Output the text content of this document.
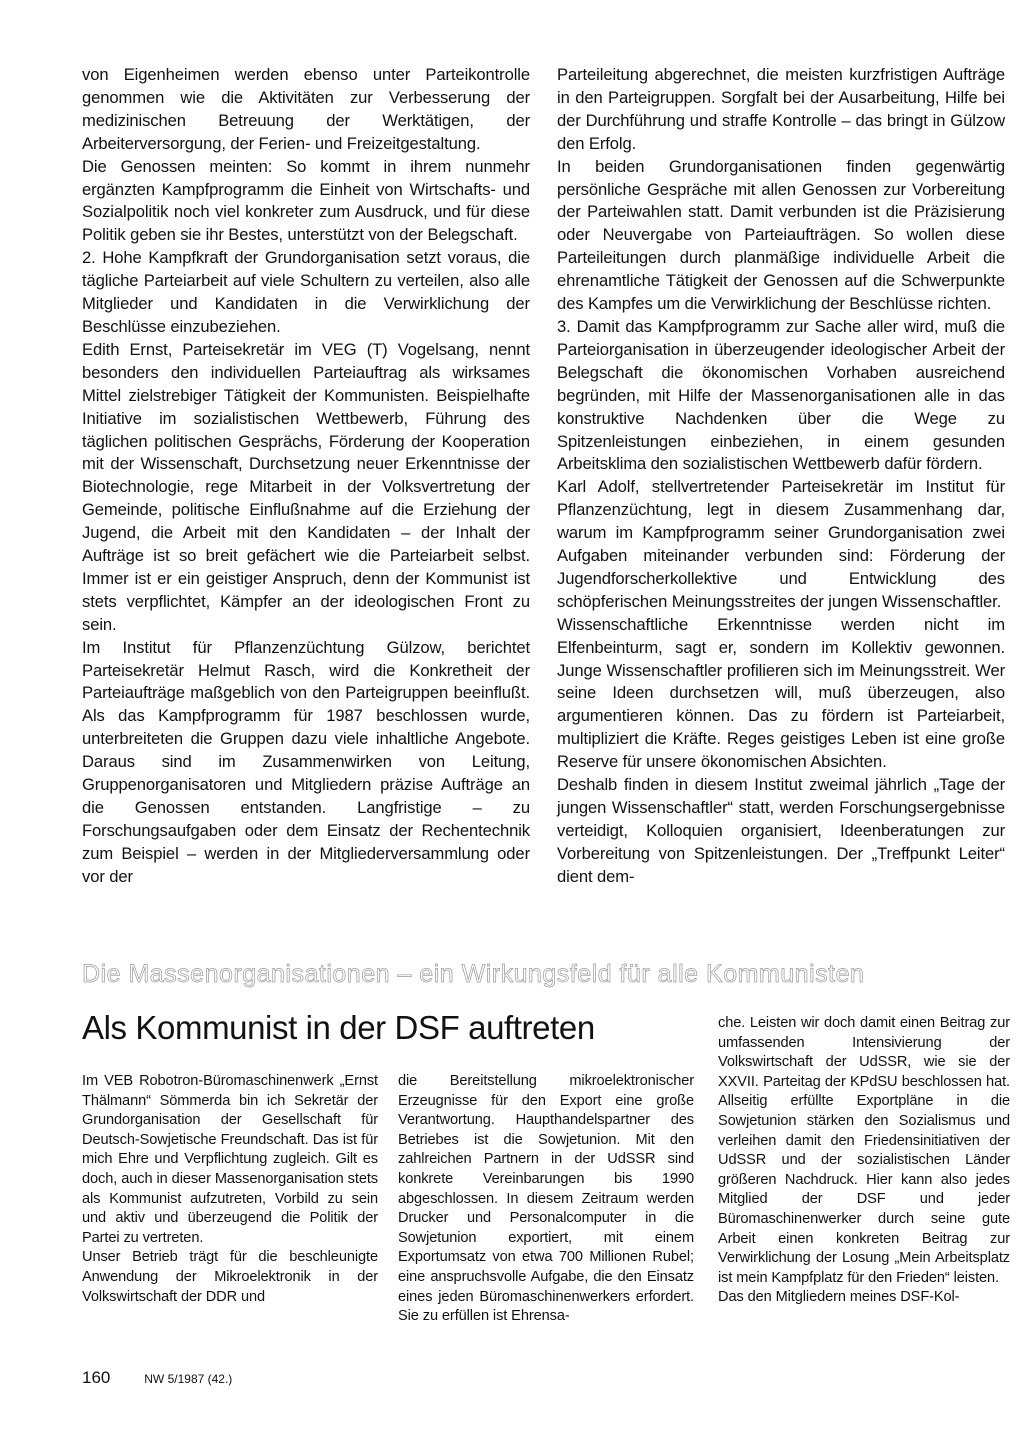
von Eigenheimen werden ebenso unter Parteikontrolle genommen wie die Aktivitäten zur Verbesserung der medizinischen Betreuung der Werktätigen, der Arbeiterversorgung, der Ferien- und Freizeitgestaltung.

Die Genossen meinten: So kommt in ihrem nunmehr ergänzten Kampfprogramm die Einheit von Wirtschafts- und Sozialpolitik noch viel konkreter zum Ausdruck, und für diese Politik geben sie ihr Bestes, unterstützt von der Belegschaft.

2. Hohe Kampfkraft der Grundorganisation setzt voraus, die tägliche Parteiarbeit auf viele Schultern zu verteilen, also alle Mitglieder und Kandidaten in die Verwirklichung der Beschlüsse einzubeziehen.

Edith Ernst, Parteisekretär im VEG (T) Vogelsang, nennt besonders den individuellen Parteiauftrag als wirksames Mittel zielstrebiger Tätigkeit der Kommunisten. Beispielhafte Initiative im sozialistischen Wettbewerb, Führung des täglichen politischen Gesprächs, Förderung der Kooperation mit der Wissenschaft, Durchsetzung neuer Erkenntnisse der Biotechnologie, rege Mitarbeit in der Volksvertretung der Gemeinde, politische Einflußnahme auf die Erziehung der Jugend, die Arbeit mit den Kandidaten – der Inhalt der Aufträge ist so breit gefächert wie die Parteiarbeit selbst. Immer ist er ein geistiger Anspruch, denn der Kommunist ist stets verpflichtet, Kämpfer an der ideologischen Front zu sein.

Im Institut für Pflanzenzüchtung Gülzow, berichtet Parteisekretär Helmut Rasch, wird die Konkretheit der Parteiaufträge maßgeblich von den Parteigruppen beeinflußt. Als das Kampfprogramm für 1987 beschlossen wurde, unterbreiteten die Gruppen dazu viele inhaltliche Angebote. Daraus sind im Zusammenwirken von Leitung, Gruppenorganisatoren und Mitgliedern präzise Aufträge an die Genossen entstanden. Langfristige – zu Forschungsaufgaben oder dem Einsatz der Rechentechnik zum Beispiel – werden in der Mitgliederversammlung oder vor der

Parteileitung abgerechnet, die meisten kurzfristigen Aufträge in den Parteigruppen. Sorgfalt bei der Ausarbeitung, Hilfe bei der Durchführung und straffe Kontrolle – das bringt in Gülzow den Erfolg.

In beiden Grundorganisationen finden gegenwärtig persönliche Gespräche mit allen Genossen zur Vorbereitung der Parteiwahlen statt. Damit verbunden ist die Präzisierung oder Neuvergabe von Parteiaufträgen. So wollen diese Parteileitungen durch planmäßige individuelle Arbeit die ehrenamtliche Tätigkeit der Genossen auf die Schwerpunkte des Kampfes um die Verwirklichung der Beschlüsse richten.

3. Damit das Kampfprogramm zur Sache aller wird, muß die Parteiorganisation in überzeugender ideologischer Arbeit der Belegschaft die ökonomischen Vorhaben ausreichend begründen, mit Hilfe der Massenorganisationen alle in das konstruktive Nachdenken über die Wege zu Spitzenleistungen einbeziehen, in einem gesunden Arbeitsklima den sozialistischen Wettbewerb dafür fördern.

Karl Adolf, stellvertretender Parteisekretär im Institut für Pflanzenzüchtung, legt in diesem Zusammenhang dar, warum im Kampfprogramm seiner Grundorganisation zwei Aufgaben miteinander verbunden sind: Förderung der Jugendforscherkollektive und Entwicklung des schöpferischen Meinungsstreites der jungen Wissenschaftler.

Wissenschaftliche Erkenntnisse werden nicht im Elfenbeinturm, sagt er, sondern im Kollektiv gewonnen. Junge Wissenschaftler profilieren sich im Meinungsstreit. Wer seine Ideen durchsetzen will, muß überzeugen, also argumentieren können. Das zu fördern ist Parteiarbeit, multipliziert die Kräfte. Reges geistiges Leben ist eine große Reserve für unsere ökonomischen Absichten.

Deshalb finden in diesem Institut zweimal jährlich „Tage der jungen Wissenschaftler“ statt, werden Forschungsergebnisse verteidigt, Kolloquien organisiert, Ideenberatungen zur Vorbereitung von Spitzenleistungen. Der „Treffpunkt Leiter“ dient dem-

Die Massenorganisationen – ein Wirkungsfeld für alle Kommunisten
Als Kommunist in der DSF auftreten

Im VEB Robotron-Büromaschinenwerk „Ernst Thälmann“ Sömmerda bin ich Sekretär der Grundorganisation der Gesellschaft für Deutsch-Sowjetische Freundschaft. Das ist für mich Ehre und Verpflichtung zugleich. Gilt es doch, auch in dieser Massenorganisation stets als Kommunist aufzutreten, Vorbild zu sein und aktiv und überzeugend die Politik der Partei zu vertreten.

Unser Betrieb trägt für die beschleunigte Anwendung der Mikroelektronik in der Volkswirtschaft der DDR und

die Bereitstellung mikroelektronischer Erzeugnisse für den Export eine große Verantwortung. Haupthandelspartner des Betriebes ist die Sowjetunion. Mit den zahlreichen Partnern in der UdSSR sind konkrete Vereinbarungen bis 1990 abgeschlossen. In diesem Zeitraum werden Drucker und Personalcomputer in die Sowjetunion exportiert, mit einem Exportumsatz von etwa 700 Millionen Rubel; eine anspruchsvolle Aufgabe, die den Einsatz eines jeden Büromaschinenwerkers erfordert. Sie zu erfüllen ist Ehrensa-

che. Leisten wir doch damit einen Beitrag zur umfassenden Intensivierung der Volkswirtschaft der UdSSR, wie sie der XXVII. Parteitag der KPdSU beschlossen hat. Allseitig erfüllte Exportpläne in die Sowjetunion stärken den Sozialismus und verleihen damit den Friedensinitiativen der UdSSR und der sozialistischen Länder größeren Nachdruck. Hier kann also jedes Mitglied der DSF und jeder Büromaschinenwerker durch seine gute Arbeit einen konkreten Beitrag zur Verwirklichung der Losung „Mein Arbeitsplatz ist mein Kampfplatz für den Frieden“ leisten.

Das den Mitgliedern meines DSF-Kol-

160	NW 5/1987 (42.)
